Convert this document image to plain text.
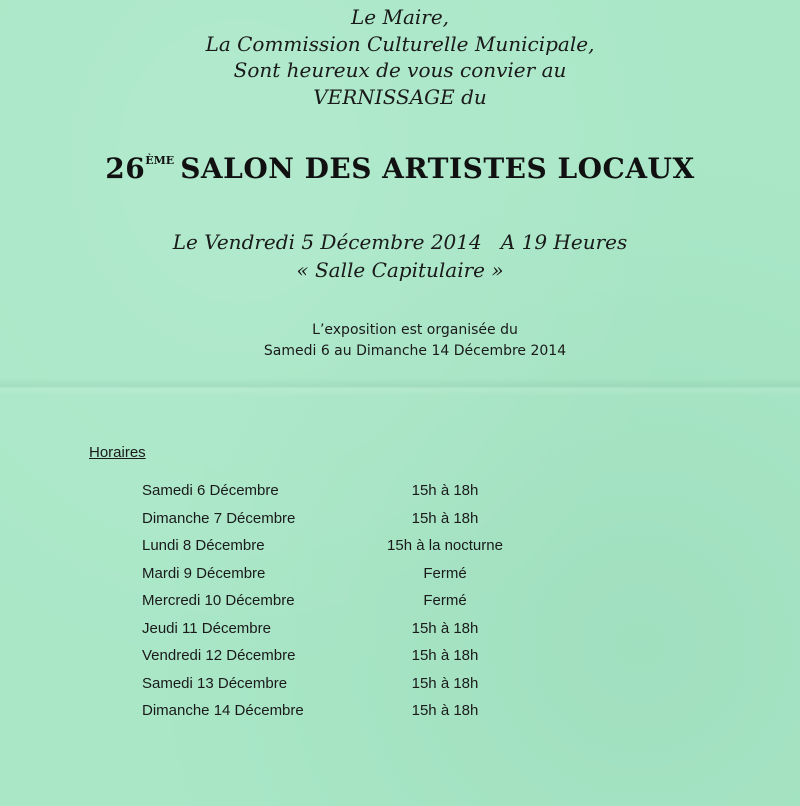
Le Maire,
La Commission Culturelle Municipale,
Sont heureux de vous convier au
VERNISSAGE du
26ÈME SALON DES ARTISTES LOCAUX
Le Vendredi 5 Décembre 2014   A 19 Heures
« Salle Capitulaire »
L’exposition est organisée du
Samedi 6 au Dimanche 14 Décembre 2014
Horaires
Samedi 6 Décembre	15h à 18h
Dimanche 7 Décembre	15h à 18h
Lundi 8 Décembre	15h à la nocturne
Mardi 9 Décembre	Fermé
Mercredi 10 Décembre	Fermé
Jeudi 11 Décembre	15h à 18h
Vendredi 12 Décembre	15h à 18h
Samedi 13 Décembre	15h à 18h
Dimanche 14 Décembre	15h à 18h
